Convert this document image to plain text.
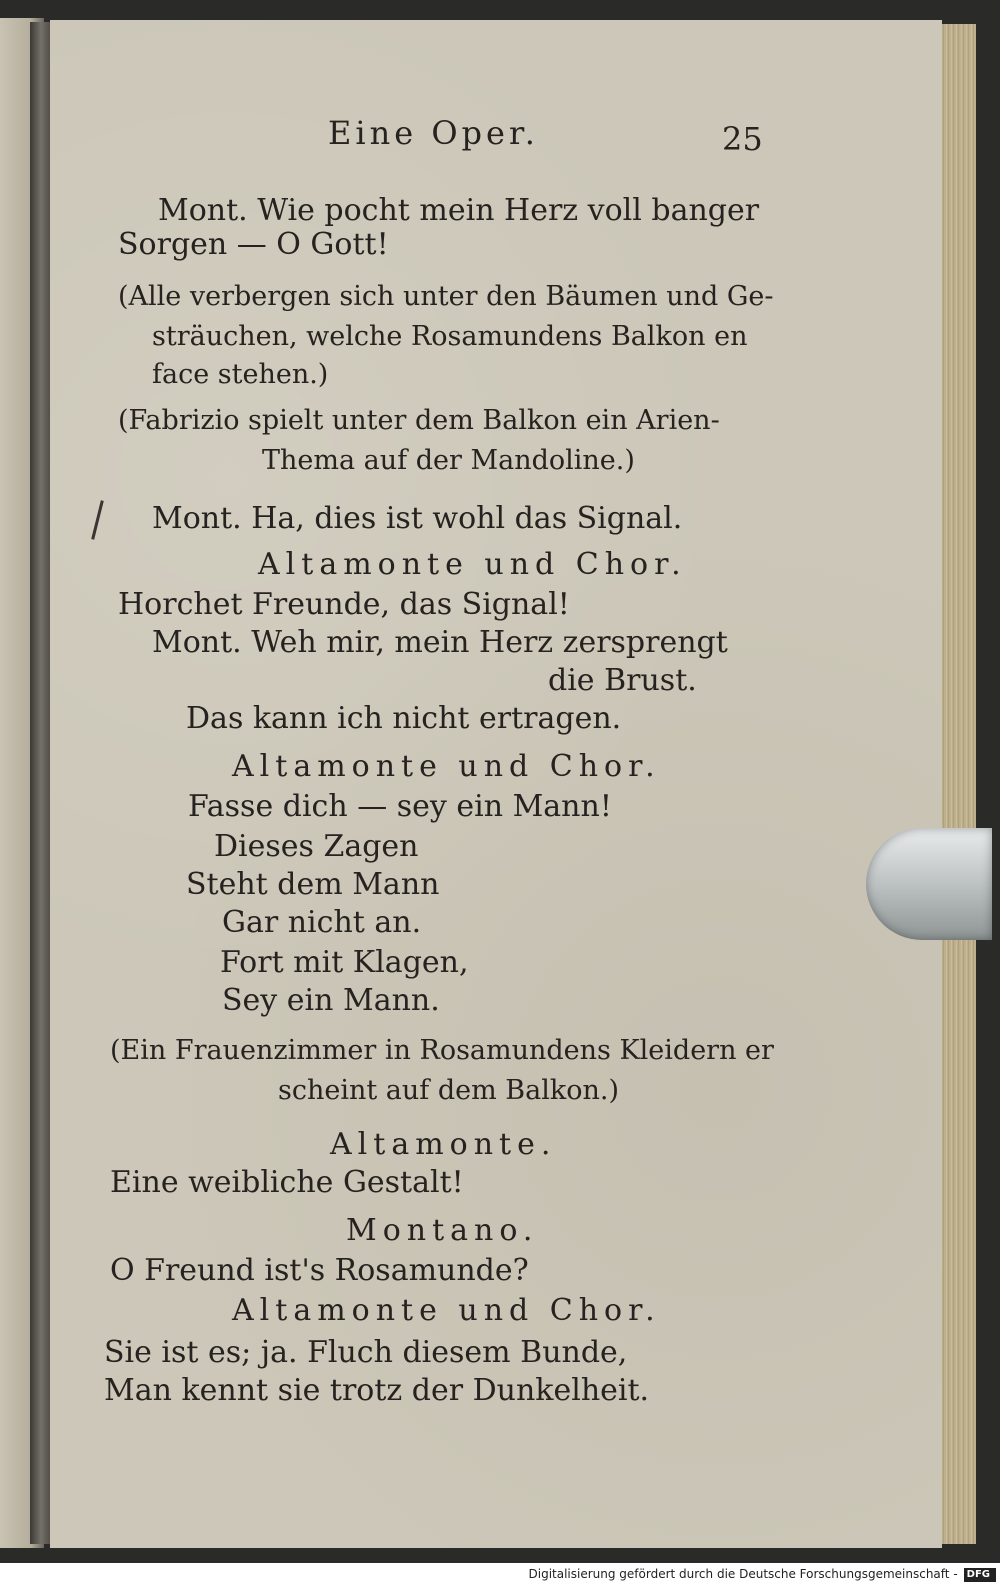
Eine Oper.	25
Mont. Wie pocht mein Herz voll banger
Sorgen — O Gott!
(Alle verbergen sich unter den Bäumen und Ge-
sträuchen, welche Rosamundens Balkon en
face stehen.)
(Fabrizio spielt unter dem Balkon ein Arien-
Thema auf der Mandoline.)
Mont. Ha, dies ist wohl das Signal.
Altamonte und Chor.
Horchet Freunde, das Signal!
Mont. Weh mir, mein Herz zersprengt
die Brust.
Das kann ich nicht ertragen.
Altamonte und Chor.
Fasse dich — sey ein Mann!
Dieses Zagen
Steht dem Mann
Gar nicht an.
Fort mit Klagen,
Sey ein Mann.
(Ein Frauenzimmer in Rosamundens Kleidern er
scheint auf dem Balkon.)
Altamonte.
Eine weibliche Gestalt!
Montano.
O Freund ist's Rosamunde?
Altamonte und Chor.
Sie ist es; ja. Fluch diesem Bunde,
Man kennt sie trotz der Dunkelheit.
Digitalisierung gefördert durch die Deutsche Forschungsgemeinschaft - DFG
